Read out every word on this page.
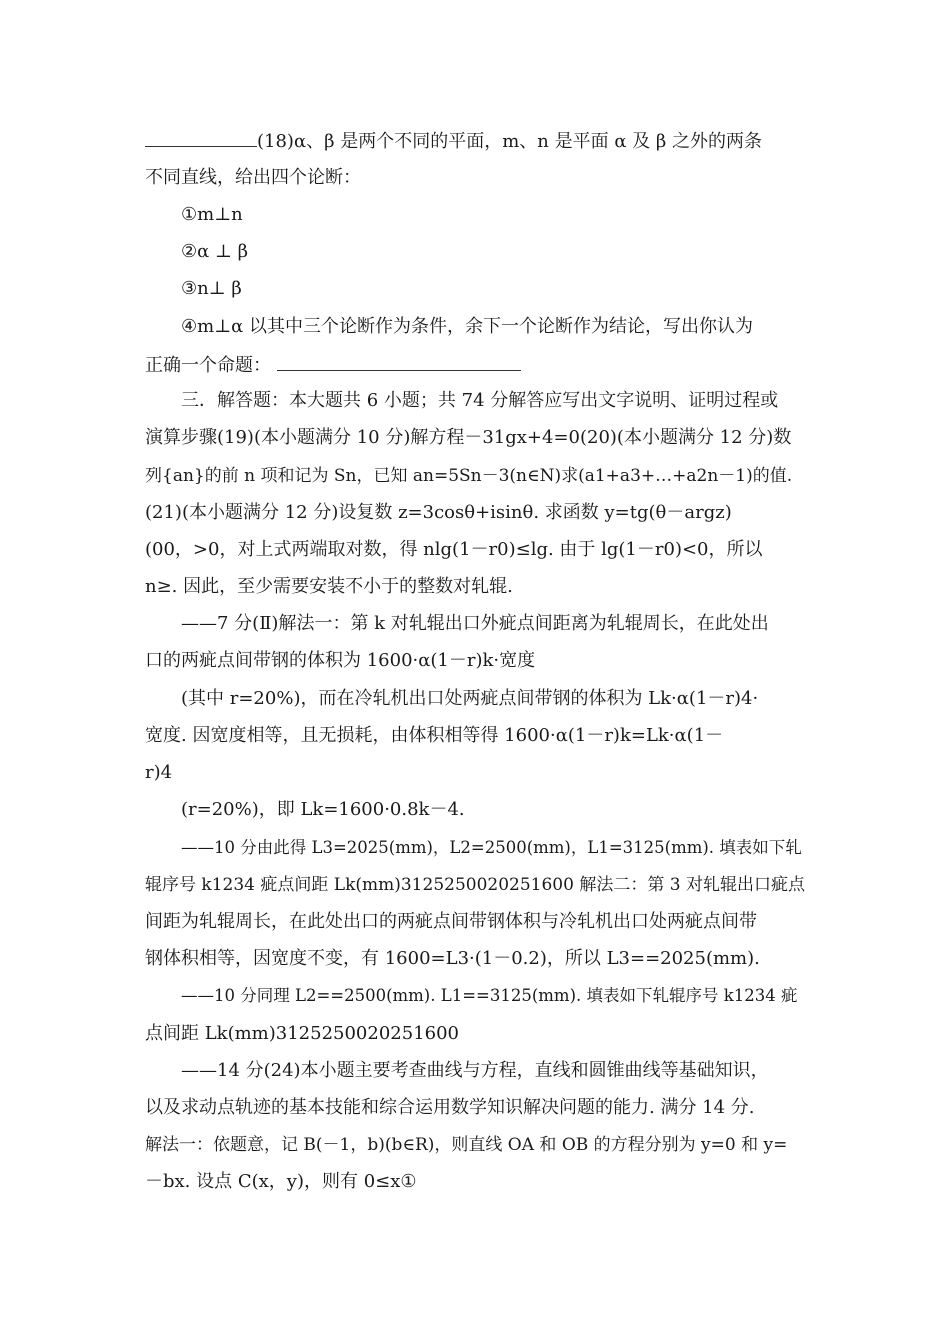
(18)α、β 是两个不同的平面，m、n 是平面 α 及 β 之外的两条
不同直线，给出四个论断：
①m⊥n
②α ⊥ β
③n⊥ β
④m⊥α 以其中三个论断作为条件，余下一个论断作为结论，写出你认为
正确一个命题：
三．解答题：本大题共 6 小题；共 74 分解答应写出文字说明、证明过程或
演算步骤(19)(本小题满分 10 分)解方程－31gx+4=0(20)(本小题满分 12 分)数
列{an}的前 n 项和记为 Sn，已知 an=5Sn－3(n∈N)求(a1+a3+…+a2n－1)的值.
(21)(本小题满分 12 分)设复数 z=3cosθ+isinθ. 求函数 y=tg(θ－argz)
(00，>0，对上式两端取对数，得 nlg(1－r0)≤lg. 由于 lg(1－r0)<0，所以
n≥. 因此，至少需要安装不小于的整数对轧辊.
——7 分(Ⅱ)解法一：第 k 对轧辊出口外疵点间距离为轧辊周长，在此处出
口的两疵点间带钢的体积为 1600·α(1－r)k·宽度
(其中 r=20%)，而在冷轧机出口处两疵点间带钢的体积为 Lk·α(1－r)4·
宽度. 因宽度相等，且无损耗，由体积相等得 1600·α(1－r)k=Lk·α(1－
r)4
(r=20%)，即 Lk=1600·0.8k－4.
——10 分由此得 L3=2025(mm)，L2=2500(mm)，L1=3125(mm). 填表如下轧
辊序号 k1234 疵点间距 Lk(mm)3125250020251600 解法二：第 3 对轧辊出口疵点
间距为轧辊周长，在此处出口的两疵点间带钢体积与冷轧机出口处两疵点间带
钢体积相等，因宽度不变，有 1600=L3·(1－0.2)，所以 L3==2025(mm).
——10 分同理 L2==2500(mm). L1==3125(mm). 填表如下轧辊序号 k1234 疵
点间距 Lk(mm)3125250020251600
——14 分(24)本小题主要考查曲线与方程，直线和圆锥曲线等基础知识，
以及求动点轨迹的基本技能和综合运用数学知识解决问题的能力. 满分 14 分.
解法一：依题意，记 B(－1，b)(b∈R)，则直线 OA 和 OB 的方程分别为 y=0 和 y=
－bx. 设点 C(x，y)，则有 0≤x①
